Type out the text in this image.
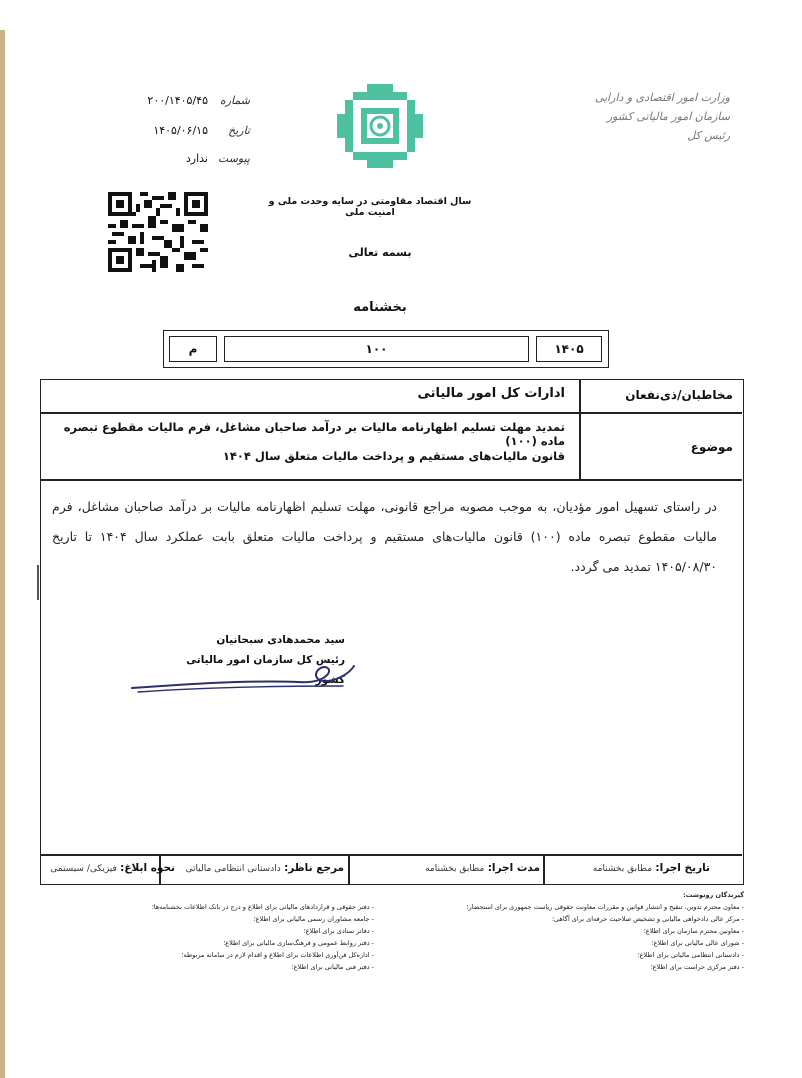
شماره
۲۰۰/۱۴۰۵/۴۵
تاریخ
۱۴۰۵/۰۶/۱۵
پیوست
ندارد
وزارت امور اقتصادی و دارایی
سازمان امور مالیاتی کشور
رئیس کل
سال اقتصاد مقاومتی در سایه وحدت ملی و امنیت ملی
بسمه تعالی
بخشنامه
م	۱۰۰	۱۴۰۵
مخاطبان/ذی‌نفعان
ادارات کل امور مالیاتی
موضوع
تمدید مهلت تسلیم اظهارنامه مالیات بر درآمد صاحبان مشاغل، فرم مالیات مقطوع تبصره ماده (۱۰۰)
قانون مالیات‌های مستقیم و پرداخت مالیات متعلق سال ۱۴۰۴
در راستای تسهیل امور مؤدیان، به موجب مصوبه مراجع قانونی، مهلت تسلیم اظهارنامه مالیات بر درآمد صاحبان مشاغل، فرم مالیات مقطوع تبصره ماده (۱۰۰) قانون مالیات‌های مستقیم و پرداخت مالیات متعلق بابت عملکرد سال ۱۴۰۴ تا تاریخ ۱۴۰۵/۰۸/۳۰ تمدید می گردد.
سید محمدهادی سبحانیان
رئیس کل سازمان امور مالیاتی کشور
تاریخ اجرا: مطابق بخشنامه
مدت اجرا: مطابق بخشنامه
مرجع ناظر: دادستانی انتظامی مالیاتی
نحوه ابلاغ: فیزیکی/ سیستمی
گیرندگان رونوشت:
- معاون محترم تدوین، تنقیح و انتشار قوانین و مقررات معاونت حقوقی ریاست جمهوری برای استحضار؛
- مرکز عالی دادخواهی مالیاتی و تشخیص صلاحیت حرفه‌ای برای آگاهی؛
- معاونین محترم سازمان برای اطلاع؛
- شورای عالی مالیاتی برای اطلاع؛
- دادستانی انتظامی مالیاتی برای اطلاع؛
- دفتر مرکزی حراست برای اطلاع؛
- دفتر حقوقی و قراردادهای مالیاتی برای اطلاع و درج در بانک اطلاعات بخشنامه‌ها؛
- جامعه مشاوران رسمی مالیاتی برای اطلاع؛
- دفاتر ستادی برای اطلاع؛
- دفتر روابط عمومی و فرهنگ‌سازی مالیاتی برای اطلاع؛
- اداره‌کل فن‌آوری اطلاعات برای اطلاع و اقدام لازم در سامانه مربوطه؛
- دفتر فنی مالیاتی برای اطلاع؛
